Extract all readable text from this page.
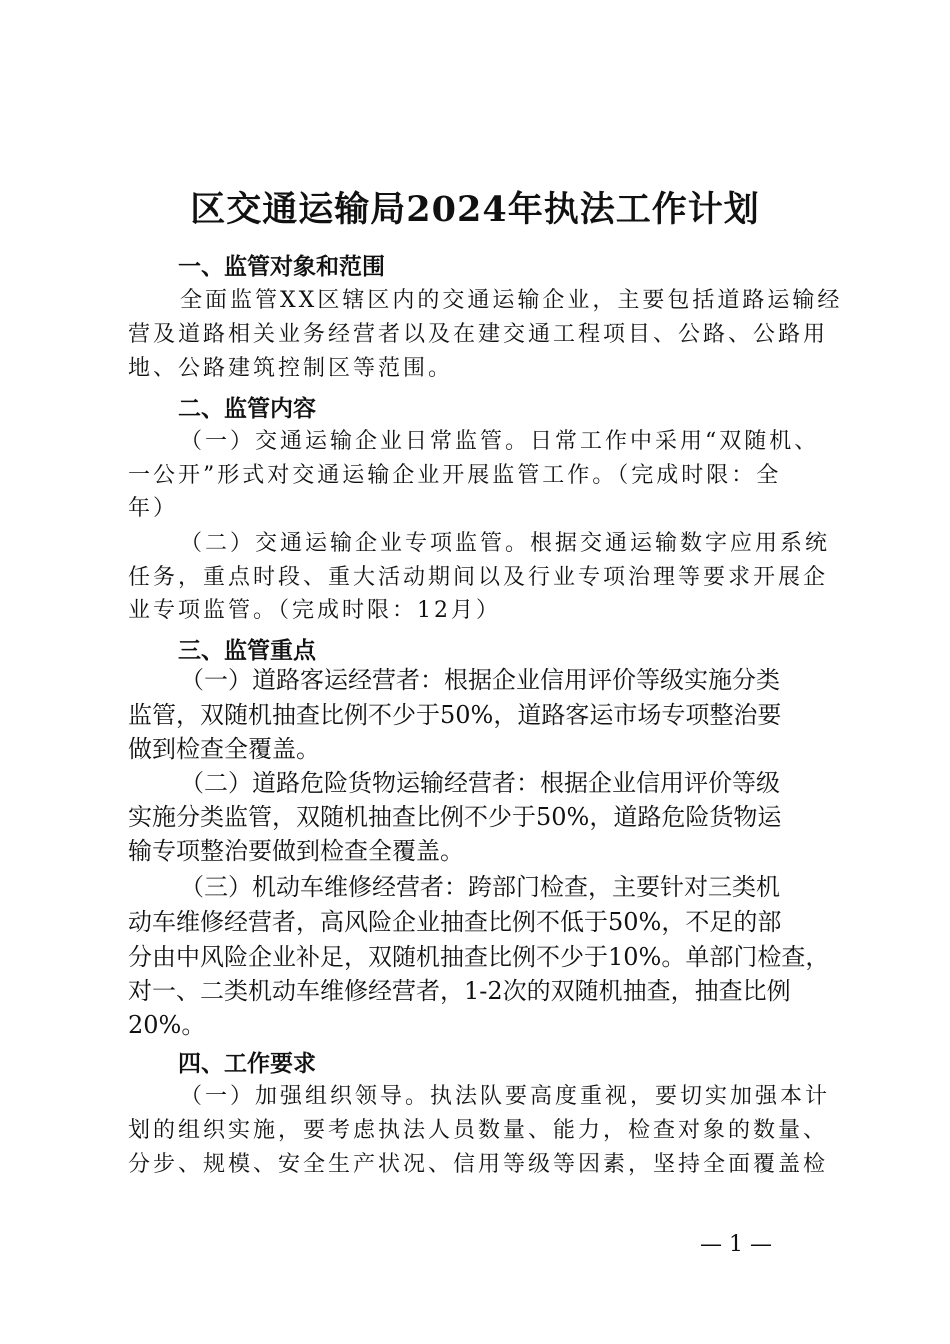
区交通运输局2024年执法工作计划
一、监管对象和范围
全面监管XX区辖区内的交通运输企业，主要包括道路运输经
营及道路相关业务经营者以及在建交通工程项目、公路、公路用
地、公路建筑控制区等范围。
二、监管内容
（一）交通运输企业日常监管。日常工作中采用“双随机、
一公开”形式对交通运输企业开展监管工作。（完成时限：全
年）
（二）交通运输企业专项监管。根据交通运输数字应用系统
任务，重点时段、重大活动期间以及行业专项治理等要求开展企
业专项监管。（完成时限：12月）
三、监管重点
（一）道路客运经营者：根据企业信用评价等级实施分类
监管，双随机抽查比例不少于50%，道路客运市场专项整治要
做到检查全覆盖。
（二）道路危险货物运输经营者：根据企业信用评价等级
实施分类监管，双随机抽查比例不少于50%，道路危险货物运
输专项整治要做到检查全覆盖。
（三）机动车维修经营者：跨部门检查，主要针对三类机
动车维修经营者，高风险企业抽查比例不低于50%，不足的部
分由中风险企业补足，双随机抽查比例不少于10%。单部门检查，
对一、二类机动车维修经营者，1-2次的双随机抽查，抽查比例
20%。
四、工作要求
（一）加强组织领导。执法队要高度重视，要切实加强本计
划的组织实施，要考虑执法人员数量、能力，检查对象的数量、
分步、规模、安全生产状况、信用等级等因素，坚持全面覆盖检
— 1 —
